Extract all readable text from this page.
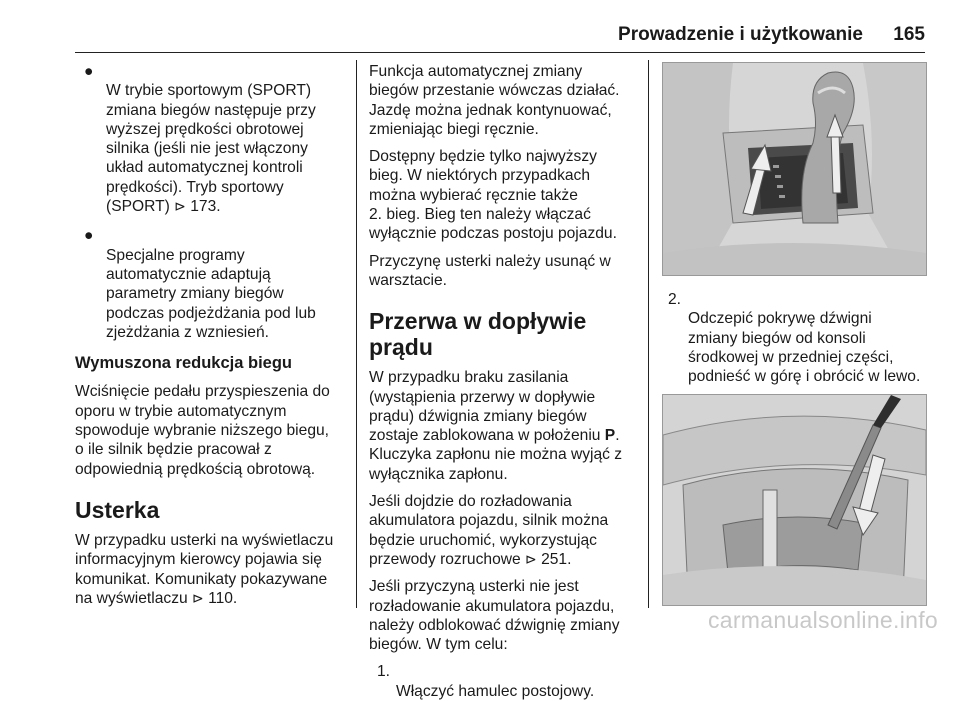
Prowadzenie i użytkowanie 165

●
W trybie sportowym (SPORT)
zmiana biegów następuje przy
wyższej prędkości obrotowej
silnika (jeśli nie jest włączony
układ automatycznej kontroli
prędkości). Tryb sportowy
(SPORT) ⊳ 173.

●
Specjalne programy
automatycznie adaptują
parametry zmiany biegów
podczas podjeżdżania pod lub
zjeżdżania z wzniesień.

Wymuszona redukcja biegu

Wciśnięcie pedału przyspieszenia do
oporu w trybie automatycznym
spowoduje wybranie niższego biegu,
o ile silnik będzie pracował z
odpowiednią prędkością obrotową.

Usterka

W przypadku usterki na wyświetlaczu
informacyjnym kierowcy pojawia się
komunikat. Komunikaty pokazywane
na wyświetlaczu ⊳ 110.

Funkcja automatycznej zmiany
biegów przestanie wówczas działać.
Jazdę można jednak kontynuować,
zmieniając biegi ręcznie.

Dostępny będzie tylko najwyższy
bieg. W niektórych przypadkach
można wybierać ręcznie także
2. bieg. Bieg ten należy włączać
wyłącznie podczas postoju pojazdu.

Przyczynę usterki należy usunąć w
warsztacie.

Przerwa w dopływie prądu

W przypadku braku zasilania
(wystąpienia przerwy w dopływie
prądu) dźwignia zmiany biegów
zostaje zablokowana w położeniu P.
Kluczyka zapłonu nie można wyjąć z
wyłącznika zapłonu.

Jeśli dojdzie do rozładowania
akumulatora pojazdu, silnik można
będzie uruchomić, wykorzystując
przewody rozruchowe ⊳ 251.

Jeśli przyczyną usterki nie jest
rozładowanie akumulatora pojazdu,
należy odblokować dźwignię zmiany
biegów. W tym celu:

1.
Włączyć hamulec postojowy.

2.
Odczepić pokrywę dźwigni
zmiany biegów od konsoli
środkowej w przedniej części,
podnieść w górę i obrócić w lewo.

carmanualsonline.info
